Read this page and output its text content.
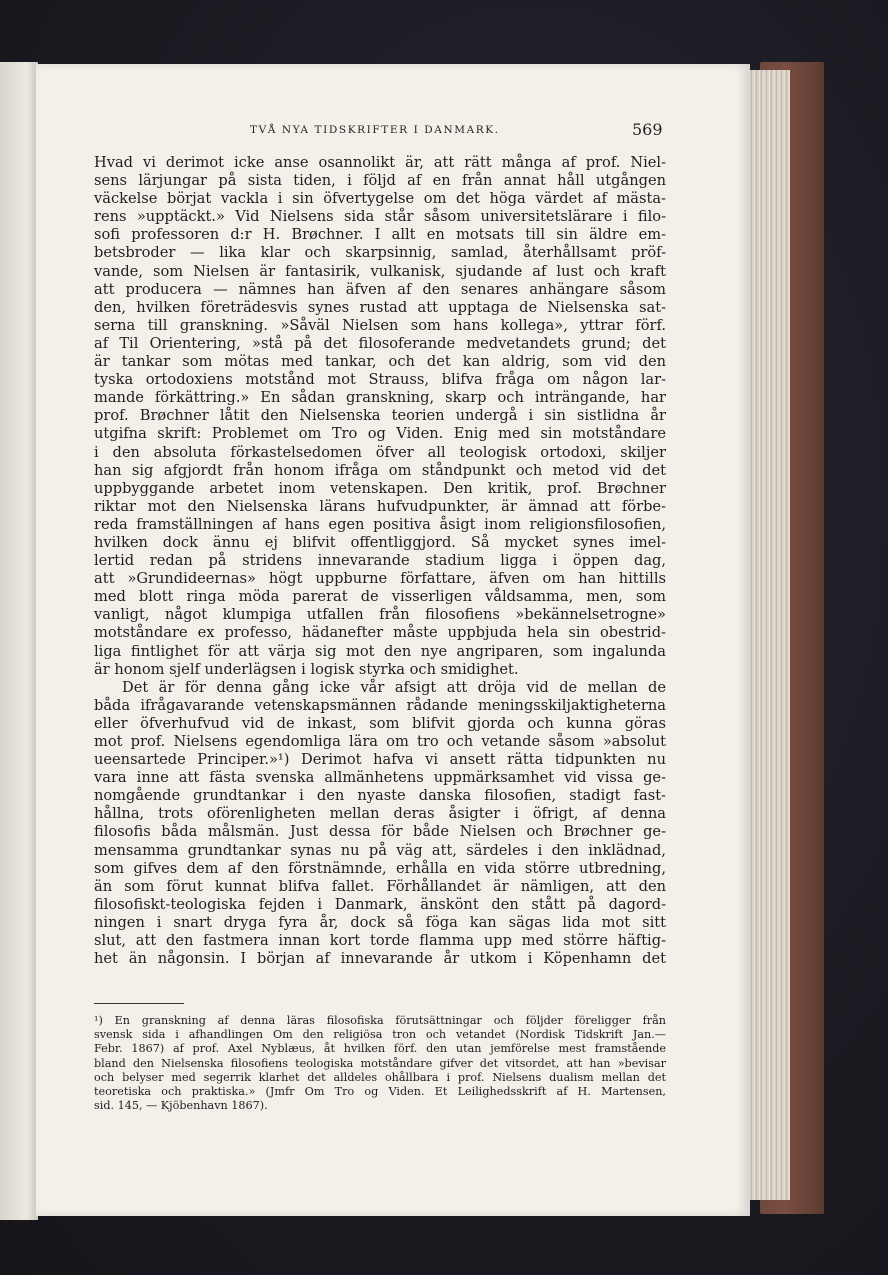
TVÅ NYA TIDSKRIFTER I DANMARK.	569
Hvad vi derimot icke anse osannolikt är, att rätt många af prof. Niel-
sens lärjungar på sista tiden, i följd af en från annat håll utgången
väckelse börjat vackla i sin öfvertygelse om det höga värdet af mästa-
rens »upptäckt.» Vid Nielsens sida står såsom universitetslärare i filo-
sofi professoren d:r H. Brøchner. I allt en motsats till sin äldre em-
betsbroder — lika klar och skarpsinnig, samlad, återhållsamt pröf-
vande, som Nielsen är fantasirik, vulkanisk, sjudande af lust och kraft
att producera — nämnes han äfven af den senares anhängare såsom
den, hvilken företrädesvis synes rustad att upptaga de Nielsenska sat-
serna till granskning. »Såväl Nielsen som hans kollega», yttrar förf.
af Til Orientering, »stå på det filosoferande medvetandets grund; det
är tankar som mötas med tankar, och det kan aldrig, som vid den
tyska ortodoxiens motstånd mot Strauss, blifva fråga om någon lar-
mande förkättring.» En sådan granskning, skarp och inträngande, har
prof. Brøchner låtit den Nielsenska teorien undergå i sin sistlidna år
utgifna skrift: Problemet om Tro og Viden. Enig med sin motståndare
i den absoluta förkastelsedomen öfver all teologisk ortodoxi, skiljer
han sig afgjordt från honom ifråga om ståndpunkt och metod vid det
uppbyggande arbetet inom vetenskapen. Den kritik, prof. Brøchner
riktar mot den Nielsenska lärans hufvudpunkter, är ämnad att förbe-
reda framställningen af hans egen positiva åsigt inom religionsfilosofien,
hvilken dock ännu ej blifvit offentliggjord. Så mycket synes imel-
lertid redan på stridens innevarande stadium ligga i öppen dag,
att »Grundideernas» högt uppburne författare, äfven om han hittills
med blott ringa möda parerat de visserligen våldsamma, men, som
vanligt, något klumpiga utfallen från filosofiens »bekännelsetrogne»
motståndare ex professo, hädanefter måste uppbjuda hela sin obestrid-
liga fintlighet för att värja sig mot den nye angriparen, som ingalunda
är honom sjelf underlägsen i logisk styrka och smidighet.
Det är för denna gång icke vår afsigt att dröja vid de mellan de
båda ifrågavarande vetenskapsmännen rådande meningsskiljaktigheterna
eller öfverhufvud vid de inkast, som blifvit gjorda och kunna göras
mot prof. Nielsens egendomliga lära om tro och vetande såsom »absolut
ueensartede Principer.»¹) Derimot hafva vi ansett rätta tidpunkten nu
vara inne att fästa svenska allmänhetens uppmärksamhet vid vissa ge-
nomgående grundtankar i den nyaste danska filosofien, stadigt fast-
hållna, trots oförenligheten mellan deras åsigter i öfrigt, af denna
filosofis båda målsmän. Just dessa för både Nielsen och Brøchner ge-
mensamma grundtankar synas nu på väg att, särdeles i den inklädnad,
som gifves dem af den förstnämnde, erhålla en vida större utbredning,
än som förut kunnat blifva fallet. Förhållandet är nämligen, att den
filosofiskt-teologiska fejden i Danmark, änskönt den stått på dagord-
ningen i snart dryga fyra år, dock så föga kan sägas lida mot sitt
slut, att den fastmera innan kort torde flamma upp med större häftig-
het än någonsin. I början af innevarande år utkom i Köpenhamn det
¹) En granskning af denna läras filosofiska förutsättningar och följder föreligger från
svensk sida i afhandlingen Om den religiösa tron och vetandet (Nordisk Tidskrift Jan.—
Febr. 1867) af prof. Axel Nyblæus, åt hvilken förf. den utan jemförelse mest framstående
bland den Nielsenska filosofiens teologiska motståndare gifver det vitsordet, att han »bevisar
och belyser med segerrik klarhet det alldeles ohållbara i prof. Nielsens dualism mellan det
teoretiska och praktiska.» (Jmfr Om Tro og Viden. Et Leilighedsskrift af H. Martensen,
sid. 145, — Kjöbenhavn 1867).
